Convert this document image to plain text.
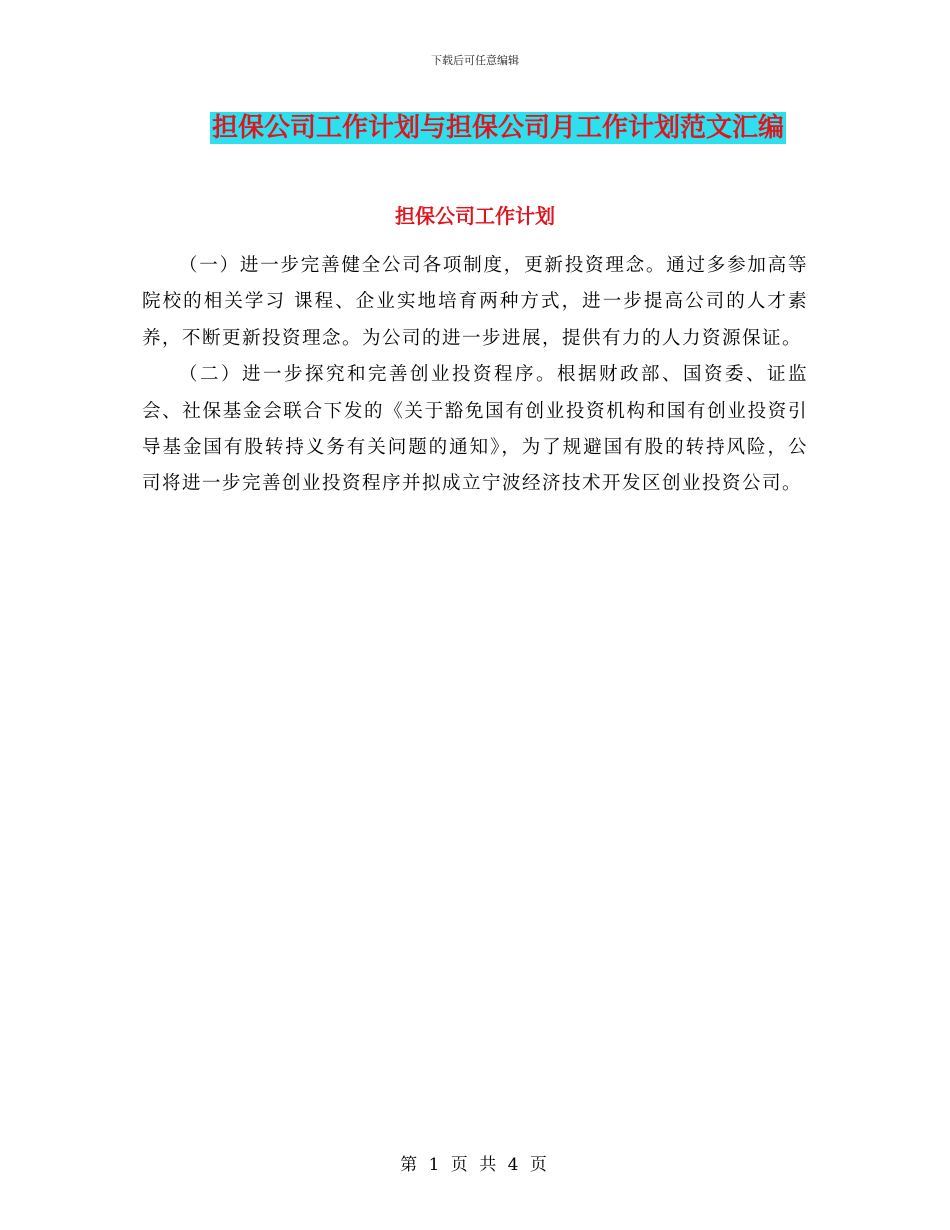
下载后可任意编辑
担保公司工作计划与担保公司月工作计划范文汇编
担保公司工作计划

（一）进一步完善健全公司各项制度，更新投资理念。通过多参加高等院校的相关学习 课程、企业实地培育两种方式，进一步提高公司的人才素养，不断更新投资理念。为公司的进一步进展，提供有力的人力资源保证。

（二）进一步探究和完善创业投资程序。根据财政部、国资委、证监会、社保基金会联合下发的《关于豁免国有创业投资机构和国有创业投资引导基金国有股转持义务有关问题的通知》，为了规避国有股的转持风险，公司将进一步完善创业投资程序并拟成立宁波经济技术开发区创业投资公司。

第 1 页 共 4 页
